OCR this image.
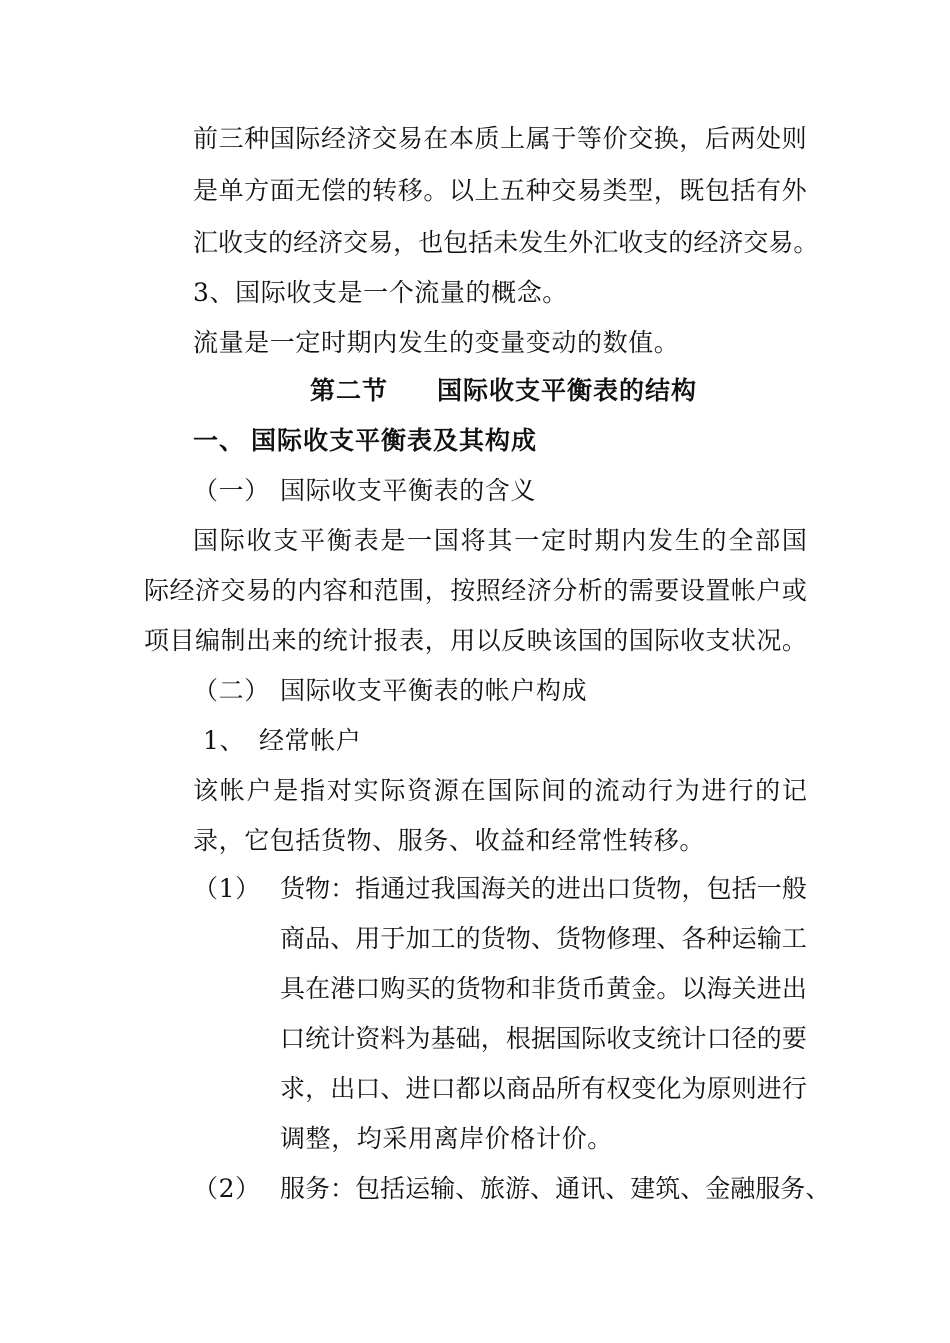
前 三 种 国 际 经 济 交 易 在 本 质 上 属 于 等 价 交 换 ， 后 两 处 则
是 单 方 面 无 偿 的 转 移 。 以 上 五 种 交 易 类 型 ， 既 包 括 有 外
汇 收 支 的 经 济 交 易 ， 也 包 括 未 发 生 外 汇 收 支 的 经 济 交 易 。
3、国际收支是一个流量的概念。
流量是一定时期内发生的变量变动的数值。
第二节 国际收支平衡表的结构
一、 国际收支平衡表及其构成
（一） 国际收支平衡表的含义
国 际 收 支 平 衡 表 是 一 国 将 其 一 定 时 期 内 发 生 的 全 部 国
际 经 济 交 易 的 内 容 和 范 围 ， 按 照 经 济 分 析 的 需 要 设 置 帐 户 或
项 目 编 制 出 来 的 统 计 报 表 ， 用 以 反 映 该 国 的 国 际 收 支 状 况 。
（二） 国际收支平衡表的帐户构成
1、 经常帐户
该 帐 户 是 指 对 实 际 资 源 在 国 际 间 的 流 动 行 为 进 行 的 记
录，它包括货物、服务、收益和经常性转移。
（1） 货 物 ： 指 通 过 我 国 海 关 的 进 出 口 货 物 ， 包 括 一 般
商 品 、 用 于 加 工 的 货 物 、 货 物 修 理 、 各 种 运 输 工
具 在 港 口 购 买 的 货 物 和 非 货 币 黄 金 。 以 海 关 进 出
口 统 计 资 料 为 基 础 ， 根 据 国 际 收 支 统 计 口 径 的 要
求 ， 出 口 、 进 口 都 以 商 品 所 有 权 变 化 为 原 则 进 行
调整，均采用离岸价格计价。
（2） 服 务 ： 包 括 运 输 、 旅 游 、 通 讯 、 建 筑 、 金 融 服 务 、
